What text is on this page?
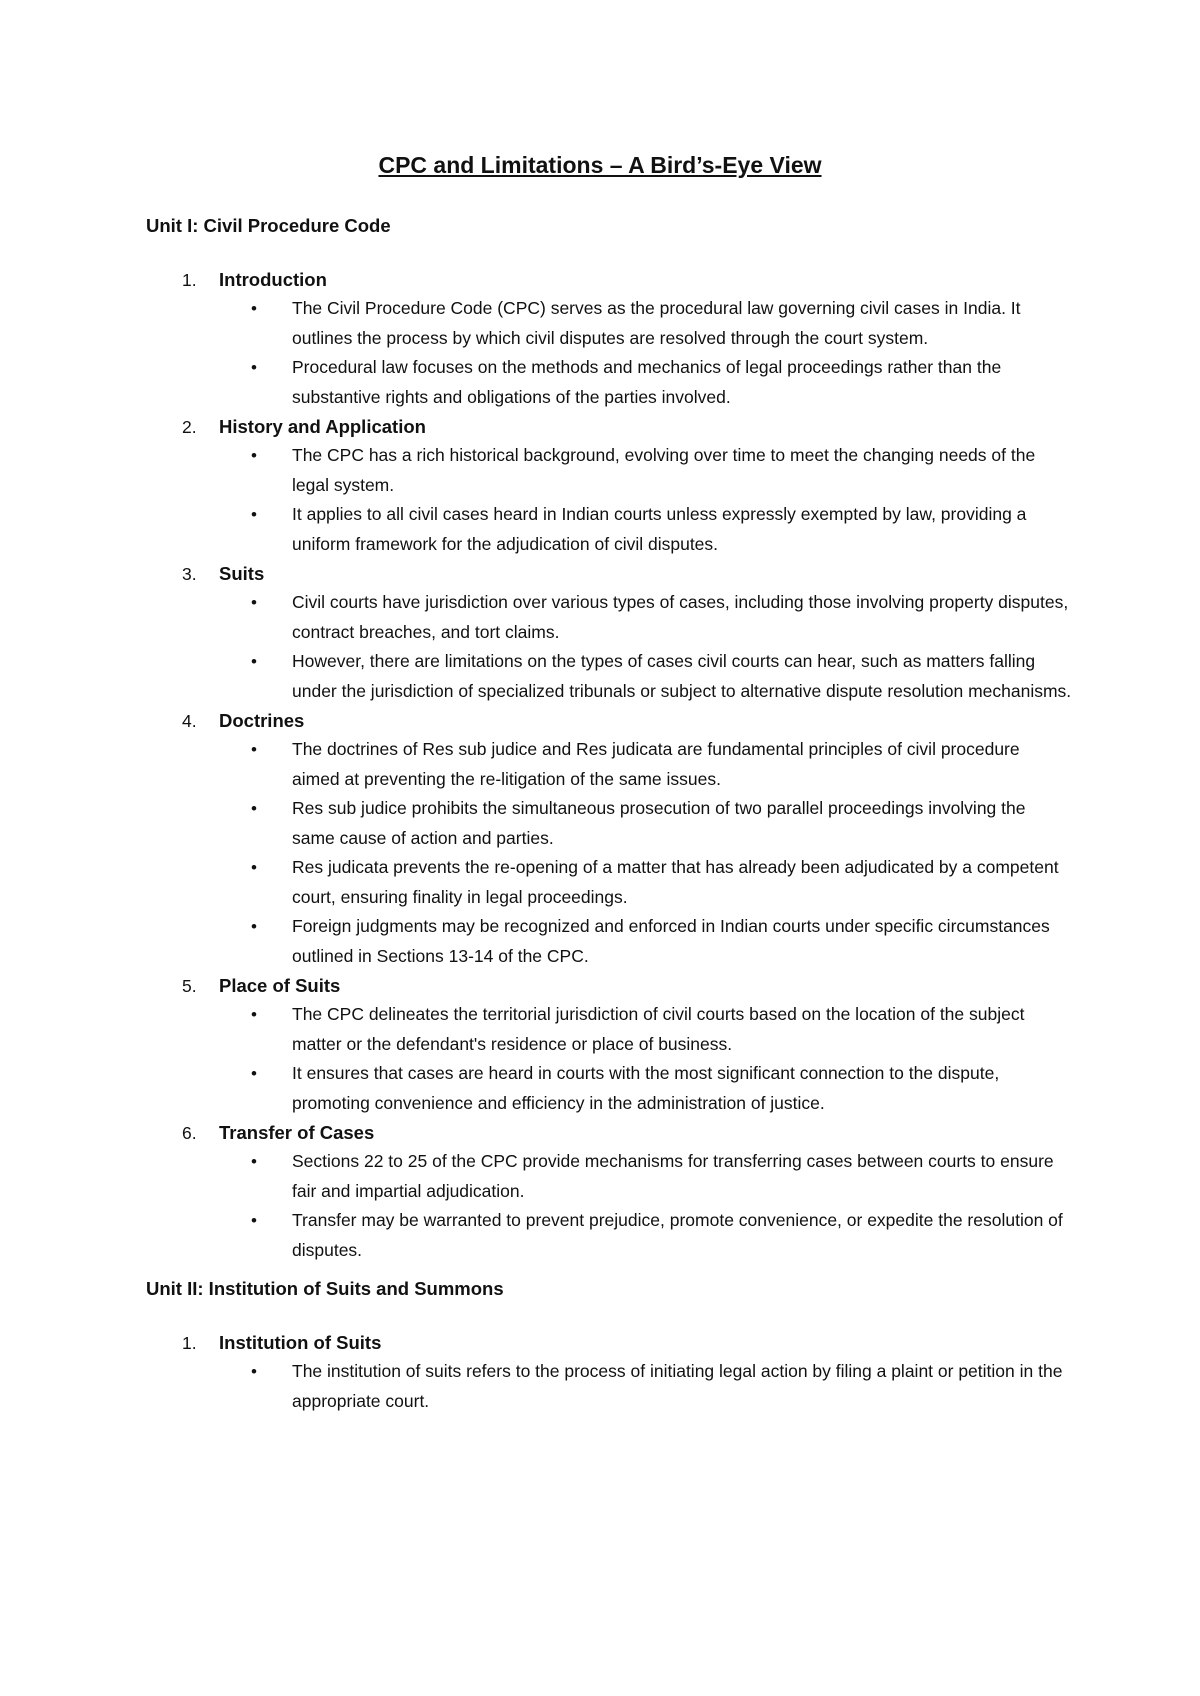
CPC and Limitations – A Bird’s-Eye View
Unit I: Civil Procedure Code
1.	Introduction
•	The Civil Procedure Code (CPC) serves as the procedural law governing civil cases in India. It outlines the process by which civil disputes are resolved through the court system.
•	Procedural law focuses on the methods and mechanics of legal proceedings rather than the substantive rights and obligations of the parties involved.
2.	History and Application
•	The CPC has a rich historical background, evolving over time to meet the changing needs of the legal system.
•	It applies to all civil cases heard in Indian courts unless expressly exempted by law, providing a uniform framework for the adjudication of civil disputes.
3.	Suits
•	Civil courts have jurisdiction over various types of cases, including those involving property disputes, contract breaches, and tort claims.
•	However, there are limitations on the types of cases civil courts can hear, such as matters falling under the jurisdiction of specialized tribunals or subject to alternative dispute resolution mechanisms.
4.	Doctrines
•	The doctrines of Res sub judice and Res judicata are fundamental principles of civil procedure aimed at preventing the re-litigation of the same issues.
•	Res sub judice prohibits the simultaneous prosecution of two parallel proceedings involving the same cause of action and parties.
•	Res judicata prevents the re-opening of a matter that has already been adjudicated by a competent court, ensuring finality in legal proceedings.
•	Foreign judgments may be recognized and enforced in Indian courts under specific circumstances outlined in Sections 13-14 of the CPC.
5.	Place of Suits
•	The CPC delineates the territorial jurisdiction of civil courts based on the location of the subject matter or the defendant's residence or place of business.
•	It ensures that cases are heard in courts with the most significant connection to the dispute, promoting convenience and efficiency in the administration of justice.
6.	Transfer of Cases
•	Sections 22 to 25 of the CPC provide mechanisms for transferring cases between courts to ensure fair and impartial adjudication.
•	Transfer may be warranted to prevent prejudice, promote convenience, or expedite the resolution of disputes.
Unit II: Institution of Suits and Summons
1.	Institution of Suits
•	The institution of suits refers to the process of initiating legal action by filing a plaint or petition in the appropriate court.
